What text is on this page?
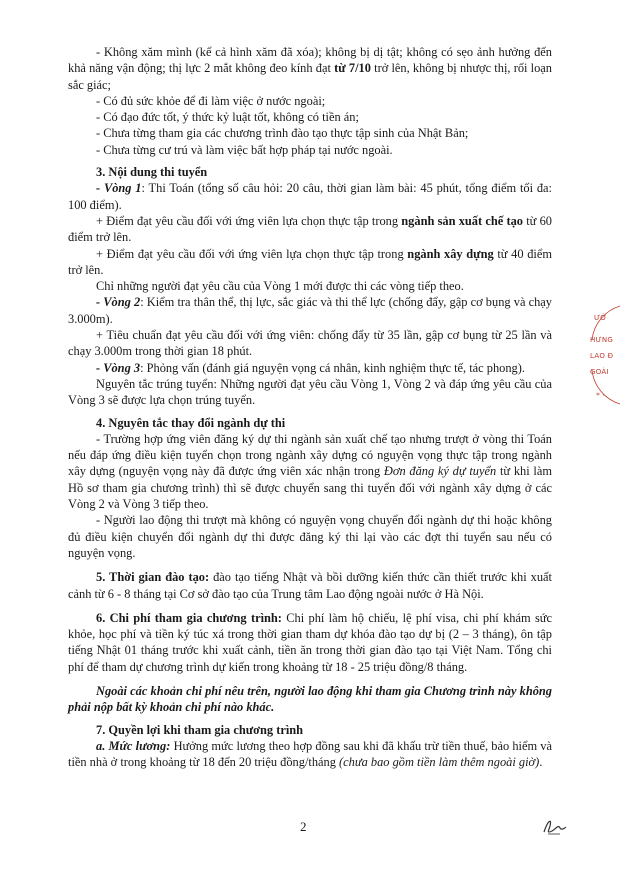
- Không xăm mình (kể cả hình xăm đã xóa); không bị dị tật; không có sẹo ảnh hưởng đến khả năng vận động; thị lực 2 mắt không đeo kính đạt từ 7/10 trở lên, không bị nhược thị, rối loạn sắc giác;

- Có đủ sức khỏe để đi làm việc ở nước ngoài;

- Có đạo đức tốt, ý thức kỷ luật tốt, không có tiền án;

- Chưa từng tham gia các chương trình đào tạo thực tập sinh của Nhật Bản;

- Chưa từng cư trú và làm việc bất hợp pháp tại nước ngoài.

3. Nội dung thi tuyển

- Vòng 1: Thi Toán (tổng số câu hỏi: 20 câu, thời gian làm bài: 45 phút, tổng điểm tối đa: 100 điểm).

+ Điểm đạt yêu cầu đối với ứng viên lựa chọn thực tập trong ngành sản xuất chế tạo từ 60 điểm trở lên.

+ Điểm đạt yêu cầu đối với ứng viên lựa chọn thực tập trong ngành xây dựng từ 40 điểm trở lên.

Chỉ những người đạt yêu cầu của Vòng 1 mới được thi các vòng tiếp theo.

- Vòng 2: Kiểm tra thân thể, thị lực, sắc giác và thi thể lực (chống đẩy, gập cơ bụng và chạy 3.000m).

+ Tiêu chuẩn đạt yêu cầu đối với ứng viên: chống đẩy từ 35 lần, gập cơ bụng từ 25 lần và chạy 3.000m trong thời gian 18 phút.

- Vòng 3: Phỏng vấn (đánh giá nguyện vọng cá nhân, kinh nghiệm thực tế, tác phong).

Nguyên tắc trúng tuyển: Những người đạt yêu cầu Vòng 1, Vòng 2 và đáp ứng yêu cầu của Vòng 3 sẽ được lựa chọn trúng tuyển.

4. Nguyên tắc thay đổi ngành dự thi

- Trường hợp ứng viên đăng ký dự thi ngành sản xuất chế tạo nhưng trượt ở vòng thi Toán nếu đáp ứng điều kiện tuyển chọn trong ngành xây dựng có nguyện vọng thực tập trong ngành xây dựng (nguyện vọng này đã được ứng viên xác nhận trong Đơn đăng ký dự tuyển từ khi làm Hồ sơ tham gia chương trình) thì sẽ được chuyển sang thi tuyển đối với ngành xây dựng ở các Vòng 2 và Vòng 3 tiếp theo.

- Người lao động thi trượt mà không có nguyện vọng chuyển đổi ngành dự thi hoặc không đủ điều kiện chuyển đổi ngành dự thi được đăng ký thi lại vào các đợt thi tuyển sau nếu có nguyện vọng.

5. Thời gian đào tạo: đào tạo tiếng Nhật và bồi dưỡng kiến thức cần thiết trước khi xuất cảnh từ 6 - 8 tháng tại Cơ sở đào tạo của Trung tâm Lao động ngoài nước ở Hà Nội.

6. Chi phí tham gia chương trình: Chi phí làm hộ chiếu, lệ phí visa, chi phí khám sức khỏe, học phí và tiền ký túc xá trong thời gian tham dự khóa đào tạo dự bị (2 – 3 tháng), ôn tập tiếng Nhật 01 tháng trước khi xuất cảnh, tiền ăn trong thời gian đào tạo tại Việt Nam. Tổng chi phí để tham dự chương trình dự kiến trong khoảng từ 18 - 25 triệu đồng/8 tháng.

Ngoài các khoản chi phí nêu trên, người lao động khi tham gia Chương trình này không phải nộp bất kỳ khoản chi phí nào khác.

7. Quyền lợi khi tham gia chương trình

a. Mức lương: Hưởng mức lương theo hợp đồng sau khi đã khấu trừ tiền thuế, bảo hiểm và tiền nhà ở trong khoảng từ 18 đến 20 triệu đồng/tháng (chưa bao gồm tiền làm thêm ngoài giờ).

2
* ·
ƯỚ
HƯNG
LAO Đ
GOÀI
